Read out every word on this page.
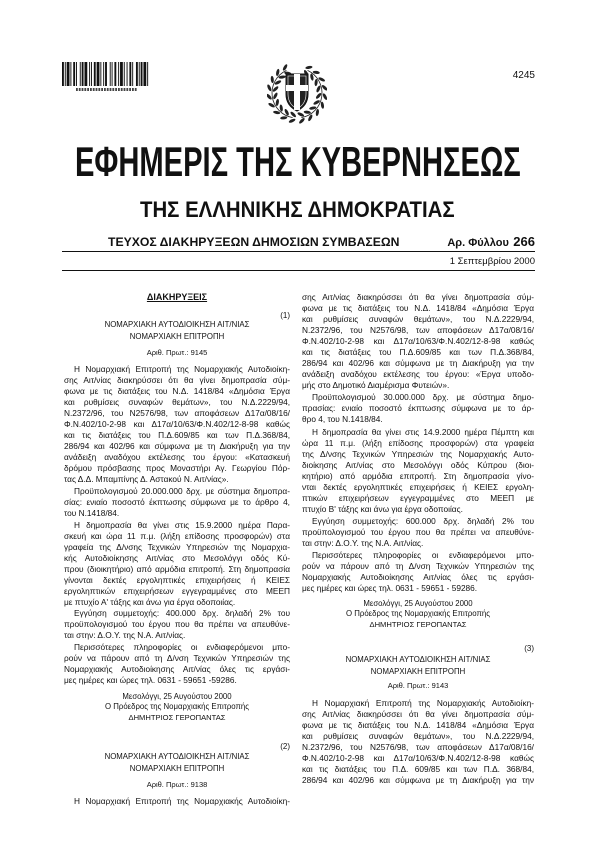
4245
ΕΦΗΜΕΡΙΣ ΤΗΣ ΚΥΒΕΡΝΗΣΕΩΣ
ΤΗΣ ΕΛΛΗΝΙΚΗΣ ΔΗΜΟΚΡΑΤΙΑΣ
ΤΕΥΧΟΣ ΔΙΑΚΗΡΥΞΕΩΝ ΔΗΜΟΣΙΩΝ ΣΥΜΒΑΣΕΩΝ	Αρ. Φύλλου 266
1 Σεπτεμβρίου 2000
ΔΙΑΚΗΡΥΞΕΙΣ
(1)
ΝΟΜΑΡΧΙΑΚΗ ΑΥΤΟΔΙΟΙΚΗΣΗ ΑΙΤ/ΝΙΑΣ
ΝΟΜΑΡΧΙΑΚΗ ΕΠΙΤΡΟΠΗ
Αριθ. Πρωτ.: 9145
Η Νομαρχιακή Επιτροπή της Νομαρχιακής Αυτοδιοίκη-
σης Αιτ/νίας διακηρύσσει ότι θα γίνει δημοπρασία σύμ-
φωνα με τις διατάξεις του Ν.Δ. 1418/84 «Δημόσια Έργα
και ρυθμίσεις συναφών θεμάτων», του Ν.Δ.2229/94,
Ν.2372/96, του Ν2576/98, των αποφάσεων Δ17α/08/16/
Φ.Ν.402/10-2-98 και Δ17α/10/63/Φ.Ν.402/12-8-98 καθώς
και τις διατάξεις του Π.Δ.609/85 και των Π.Δ.368/84,
286/94 και 402/96 και σύμφωνα με τη Διακήρυξη για την
ανάδειξη αναδόχου εκτέλεσης του έργου: «Κατασκευή
δρόμου πρόσβασης προς Μοναστήρι Αγ. Γεωργίου Πόρ-
τας Δ.Δ. Μπαμπίνης Δ. Αστακού Ν. Αιτ/νίας».
Προϋπολογισμού 20.000.000 δρχ. με σύστημα δημοπρα-
σίας: ενιαίο ποσοστό έκπτωσης σύμφωνα με το άρθρο 4,
του Ν.1418/84.
Η δημοπρασία θα γίνει στις 15.9.2000 ημέρα Παρα-
σκευή και ώρα 11 π.μ. (λήξη επίδοσης προσφορών) στα
γραφεία της Δ/νσης Τεχνικών Υπηρεσιών της Νομαρχια-
κής Αυτοδιοίκησης Αιτ/νίας στο Μεσολόγγι οδός Κύ-
πρου (διοικητήριο) από αρμόδια επιτροπή. Στη δημοπρασία
γίνονται δεκτές εργοληπτικές επιχειρήσεις ή ΚΕΙΕΣ
εργοληπτικών επιχειρήσεων εγγεγραμμένες στο ΜΕΕΠ
με πτυχίο Α' τάξης και άνω για έργα οδοποιίας.
Εγγύηση συμμετοχής: 400.000 δρχ. δηλαδή 2% του
προϋπολογισμού του έργου που θα πρέπει να απευθύνε-
ται στην: Δ.Ο.Υ. της Ν.Α. Αιτ/νίας.
Περισσότερες πληροφορίες οι ενδιαφερόμενοι μπο-
ρούν να πάρουν από τη Δ/νση Τεχνικών Υπηρεσιών της
Νομαρχιακής Αυτοδιοίκησης Αιτ/νίας όλες τις εργάσι-
μες ημέρες και ώρες τηλ. 0631 - 59651 -59286.
Μεσολόγγι, 25 Αυγούστου 2000
Ο Πρόεδρος της Νομαρχιακής Επιτροπής
ΔΗΜΗΤΡΙΟΣ ΓΕΡΟΠΑΝΤΑΣ
(2)
ΝΟΜΑΡΧΙΑΚΗ ΑΥΤΟΔΙΟΙΚΗΣΗ ΑΙΤ/ΝΙΑΣ
ΝΟΜΑΡΧΙΑΚΗ ΕΠΙΤΡΟΠΗ
Αριθ. Πρωτ.: 9138
Η Νομαρχιακή Επιτροπή της Νομαρχιακής Αυτοδιοίκη-
σης Αιτ/νίας διακηρύσσει ότι θα γίνει δημοπρασία σύμ-
φωνα με τις διατάξεις του Ν.Δ. 1418/84 «Δημόσια Έργα
και ρυθμίσεις συναφών θεμάτων», του Ν.Δ.2229/94,
Ν.2372/96, του Ν2576/98, των αποφάσεων Δ17α/08/16/
Φ.Ν.402/10-2-98 και Δ17α/10/63/Φ.Ν.402/12-8-98 καθώς
και τις διατάξεις του Π.Δ.609/85 και των Π.Δ.368/84,
286/94 και 402/96 και σύμφωνα με τη Διακήρυξη για την
ανάδειξη αναδόχου εκτέλεσης του έργου: «Έργα υποδο-
μής στο Δημοτικό Διαμέρισμα Φυτειών».
Προϋπολογισμού 30.000.000 δρχ. με σύστημα δημο-
πρασίας: ενιαίο ποσοστό έκπτωσης σύμφωνα με το άρ-
θρο 4, του Ν.1418/84.
Η δημοπρασία θα γίνει στις 14.9.2000 ημέρα Πέμπτη και
ώρα 11 π.μ. (λήξη επίδοσης προσφορών) στα γραφεία
της Δ/νσης Τεχνικών Υπηρεσιών της Νομαρχιακής Αυτο-
διοίκησης Αιτ/νίας στο Μεσολόγγι οδός Κύπρου (διοι-
κητήριο) από αρμόδια επιτροπή. Στη δημοπρασία γίνο-
νται δεκτές εργοληπτικές επιχειρήσεις ή ΚΕΙΕΣ εργολη-
πτικών επιχειρήσεων εγγεγραμμένες στο ΜΕΕΠ με
πτυχίο Β' τάξης και άνω για έργα οδοποιίας.
Εγγύηση συμμετοχής: 600.000 δρχ. δηλαδή 2% του
προϋπολογισμού του έργου που θα πρέπει να απευθύνε-
ται στην: Δ.Ο.Υ. της Ν.Α. Αιτ/νίας.
Περισσότερες πληροφορίες οι ενδιαφερόμενοι μπο-
ρούν να πάρουν από τη Δ/νση Τεχνικών Υπηρεσιών της
Νομαρχιακής Αυτοδιοίκησης Αιτ/νίας όλες τις εργάσι-
μες ημέρες και ώρες τηλ. 0631 - 59651 - 59286.
Μεσολόγγι, 25 Αυγούστου 2000
Ο Πρόεδρος της Νομαρχιακής Επιτροπής
ΔΗΜΗΤΡΙΟΣ ΓΕΡΟΠΑΝΤΑΣ
(3)
ΝΟΜΑΡΧΙΑΚΗ ΑΥΤΟΔΙΟΙΚΗΣΗ ΑΙΤ/ΝΙΑΣ
ΝΟΜΑΡΧΙΑΚΗ ΕΠΙΤΡΟΠΗ
Αριθ. Πρωτ.: 9143
Η Νομαρχιακή Επιτροπή της Νομαρχιακής Αυτοδιοίκη-
σης Αιτ/νίας διακηρύσσει ότι θα γίνει δημοπρασία σύμ-
φωνα με τις διατάξεις του Ν.Δ. 1418/84 «Δημόσια Έργα
και ρυθμίσεις συναφών θεμάτων», του Ν.Δ.2229/94,
Ν.2372/96, του Ν2576/98, των αποφάσεων Δ17α/08/16/
Φ.Ν.402/10-2-98 και Δ17α/10/63/Φ.Ν.402/12-8-98 καθώς
και τις διατάξεις του Π.Δ. 609/85 και των Π.Δ. 368/84,
286/94 και 402/96 και σύμφωνα με τη Διακήρυξη για την
